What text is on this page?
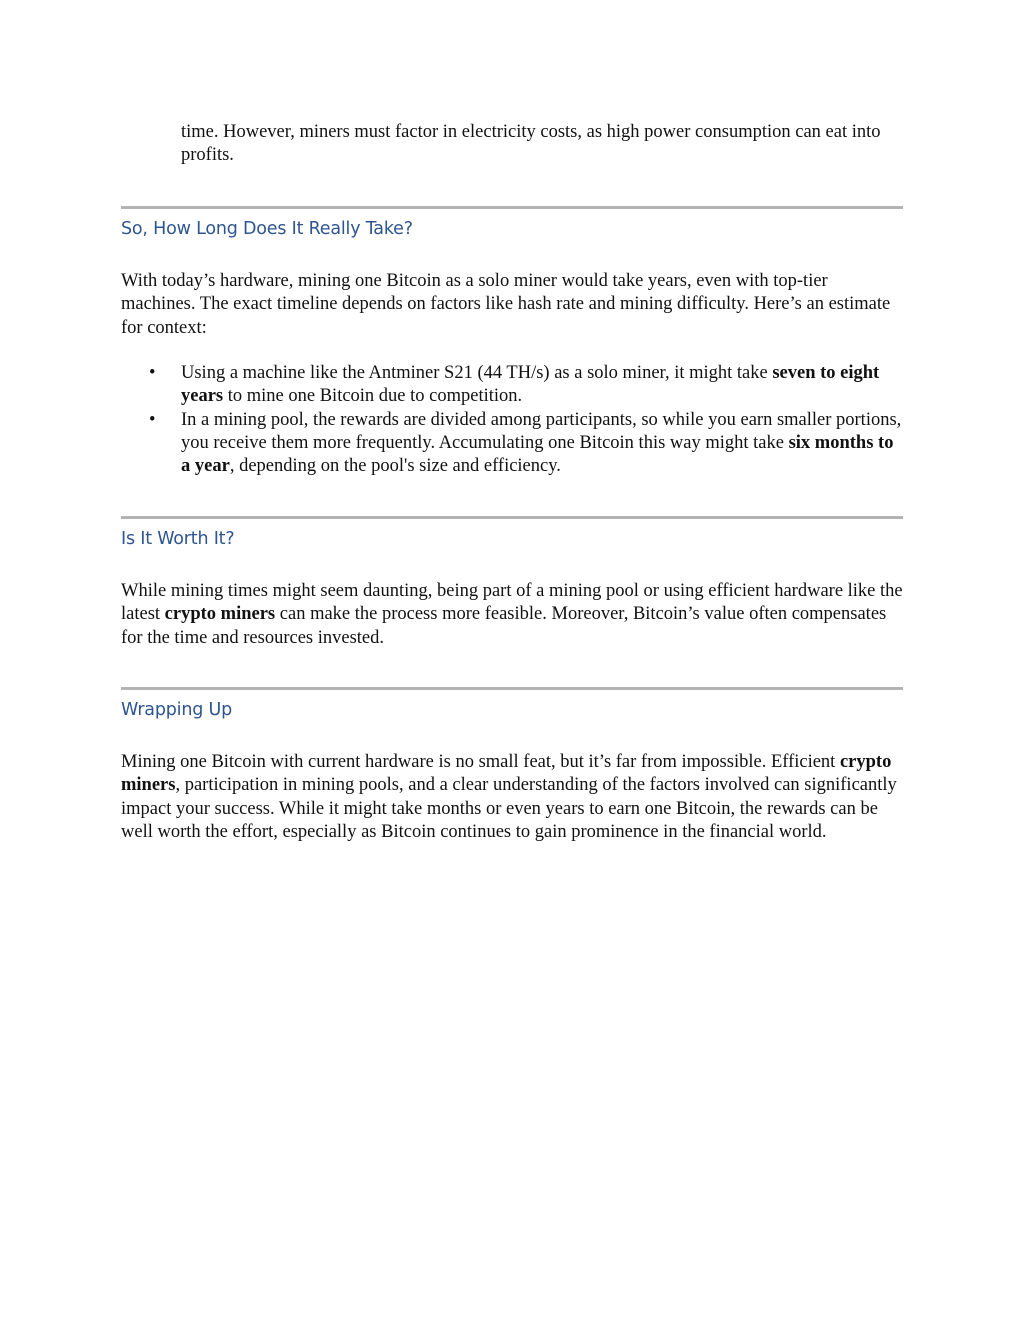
time. However, miners must factor in electricity costs, as high power consumption can eat into profits.

So, How Long Does It Really Take?

With today’s hardware, mining one Bitcoin as a solo miner would take years, even with top-tier machines. The exact timeline depends on factors like hash rate and mining difficulty. Here’s an estimate for context:

• Using a machine like the Antminer S21 (44 TH/s) as a solo miner, it might take seven to eight years to mine one Bitcoin due to competition.
• In a mining pool, the rewards are divided among participants, so while you earn smaller portions, you receive them more frequently. Accumulating one Bitcoin this way might take six months to a year, depending on the pool's size and efficiency.
Is It Worth It?

While mining times might seem daunting, being part of a mining pool or using efficient hardware like the latest crypto miners can make the process more feasible. Moreover, Bitcoin’s value often compensates for the time and resources invested.

Wrapping Up

Mining one Bitcoin with current hardware is no small feat, but it’s far from impossible. Efficient crypto miners, participation in mining pools, and a clear understanding of the factors involved can significantly impact your success. While it might take months or even years to earn one Bitcoin, the rewards can be well worth the effort, especially as Bitcoin continues to gain prominence in the financial world.
